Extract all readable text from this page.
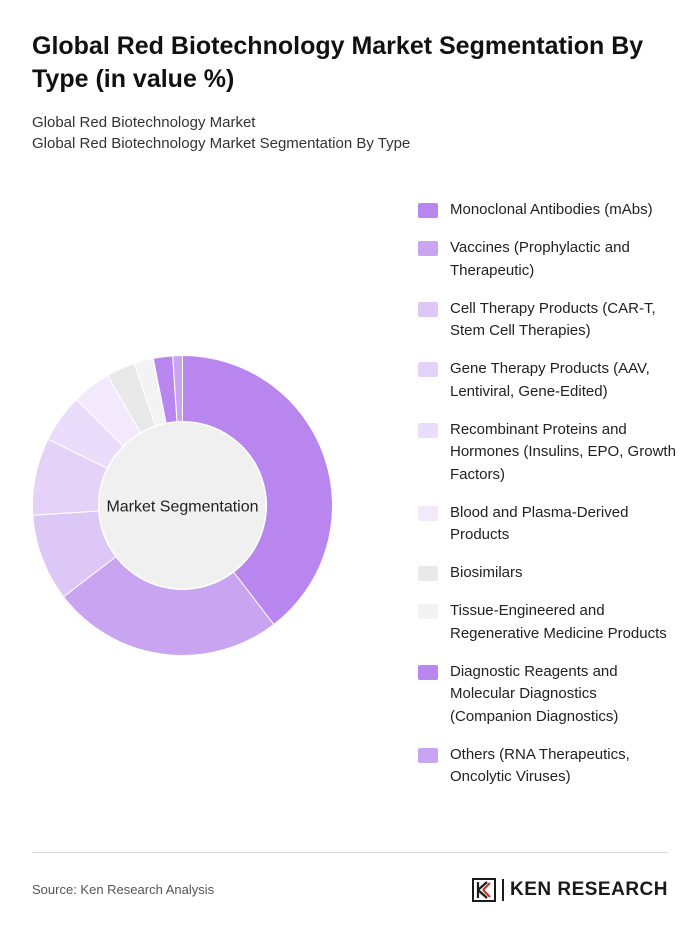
Global Red Biotechnology Market Segmentation By Type (in value %)
Global Red Biotechnology Market
Global Red Biotechnology Market Segmentation By Type
Market Segmentation
Monoclonal Antibodies (mAbs)
Vaccines (Prophylactic and Therapeutic)
Cell Therapy Products (CAR-T, Stem Cell Therapies)
Gene Therapy Products (AAV, Lentiviral, Gene-Edited)
Recombinant Proteins and Hormones (Insulins, EPO, Growth Factors)
Blood and Plasma-Derived Products
Biosimilars
Tissue-Engineered and Regenerative Medicine Products
Diagnostic Reagents and Molecular Diagnostics (Companion Diagnostics)
Others (RNA Therapeutics, Oncolytic Viruses)
Source: Ken Research Analysis	KEN RESEARCH
